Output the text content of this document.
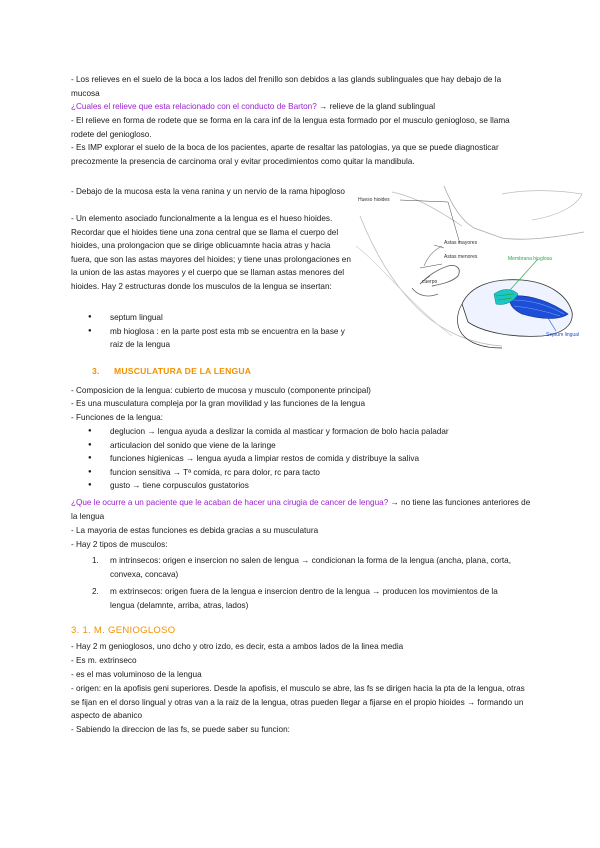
- Los relieves en el suelo de la boca a los lados del frenillo son debidos a las glands sublinguales que hay debajo de la mucosa

¿Cuales el relieve que esta relacionado con el conducto de Barton? → relieve de la gland sublingual

- El relieve en forma de rodete que se forma en la cara inf de la lengua esta formado por el musculo geniogloso, se llama rodete del geniogloso.

- Es IMP explorar el suelo de la boca de los pacientes, aparte de resaltar las patologias, ya que se puede diagnosticar precozmente la presencia de carcinoma oral y evitar procedimientos como quitar la mandibula.

- Debajo de la mucosa esta la vena ranina y un nervio de la rama hipogloso

- Un elemento asociado funcionalmente a la lengua es el hueso hioides. Recordar que el hioides tiene una zona central que se llama el cuerpo del hioides, una prolongacion que se dirige oblicuamnte hacia atras y hacia fuera, que son las astas mayores del hioides; y tiene unas prolongaciones en la union de las astas mayores y el cuerpo que se llaman astas menores del hioides. Hay 2 estructuras donde los musculos de la lengua se insertan:

● septum lingual
● mb hioglosa : en la parte post esta mb se encuentra en la base y raiz de la lengua
Hueso hioides
Astas mayores
Astas menores
cuerpo
Membrana hioglosa
Septum lingual
3. MUSCULATURA DE LA LENGUA

- Composicion de la lengua: cubierto de mucosa y musculo (componente principal)

- Es una musculatura compleja por la gran movilidad y las funciones de la lengua

- Funciones de la lengua:

● deglucion → lengua ayuda a deslizar la comida al masticar y formacion de bolo hacia paladar
● articulacion del sonido que viene de la laringe
● funciones higienicas → lengua ayuda a limpiar restos de comida y distribuye la saliva
● funcion sensitiva → Tª comida, rc para dolor, rc para tacto
● gusto → tiene corpusculos gustatorios

¿Que le ocurre a un paciente que le acaban de hacer una cirugia de cancer de lengua? → no tiene las funciones anteriores de la lengua

- La mayoria de estas funciones es debida gracias a su musculatura

- Hay 2 tipos de musculos:

1. m intrinsecos: origen e insercion no salen de lengua → condicionan la forma de la lengua (ancha, plana, corta, convexa, concava)
2. m extrinsecos: origen fuera de la lengua e insercion dentro de la lengua → producen los movimientos de la lengua (delamnte, arriba, atras, lados)
3. 1. M. GENIOGLOSO

- Hay 2 m genioglosos, uno dcho y otro izdo, es decir, esta a ambos lados de la linea media

- Es m. extrinseco

- es el mas voluminoso de la lengua

- origen: en la apofisis geni superiores. Desde la apofisis, el musculo se abre, las fs se dirigen hacia la pta de la lengua, otras se fijan en el dorso lingual y otras van a la raiz de la lengua, otras pueden llegar a fijarse en el propio hioides → formando un aspecto de abanico

- Sabiendo la direccion de las fs, se puede saber su funcion:
